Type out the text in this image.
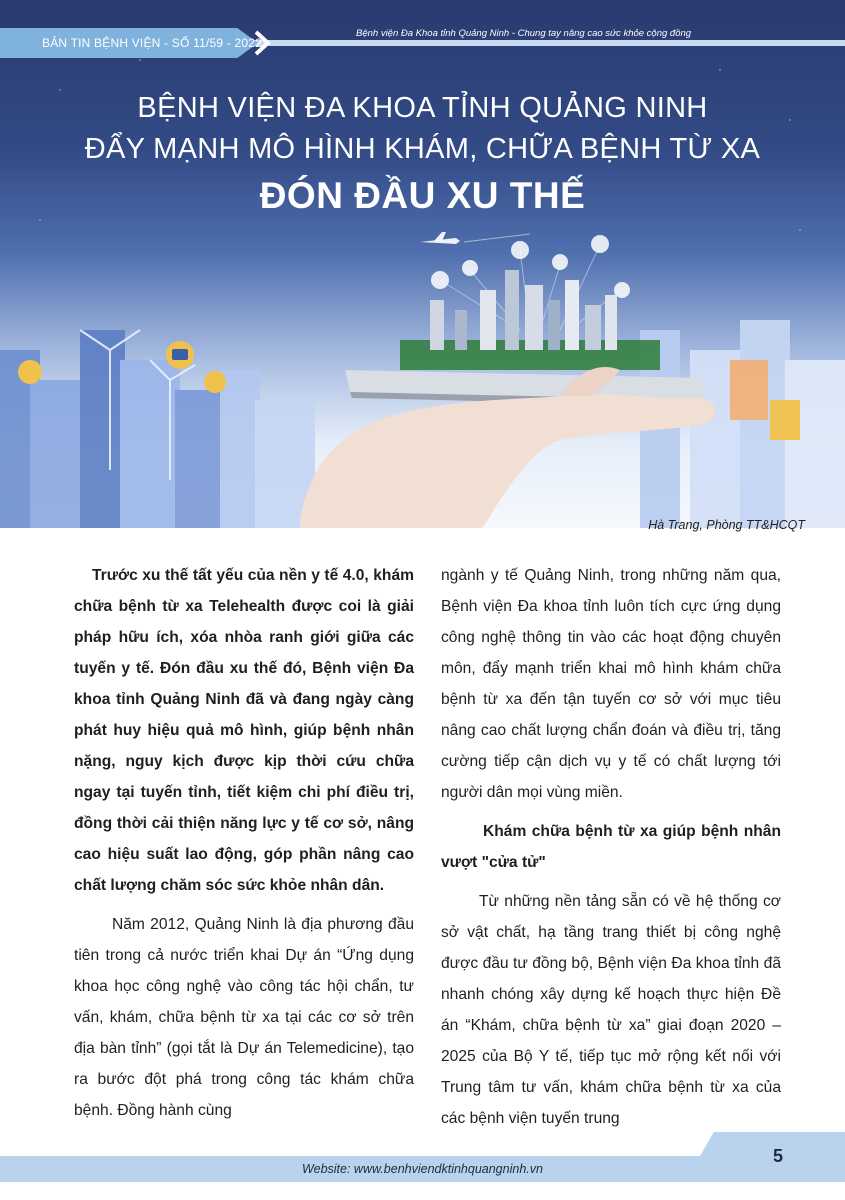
BẢN TIN BỆNH VIỆN - SỐ 11/59 - 2022
Bệnh viện Đa Khoa tỉnh Quảng Ninh - Chung tay nâng cao sức khỏe cộng đồng
BỆNH VIỆN ĐA KHOA TỈNH QUẢNG NINH
ĐẨY MẠNH MÔ HÌNH KHÁM, CHỮA BỆNH TỪ XA
ĐÓN ĐẦU XU THẾ
Hà Trang, Phòng TT&HCQT

Trước xu thế tất yếu của nền y tế 4.0, khám chữa bệnh từ xa Telehealth được coi là giải pháp hữu ích, xóa nhòa ranh giới giữa các tuyến y tế. Đón đầu xu thế đó, Bệnh viện Đa khoa tỉnh Quảng Ninh đã và đang ngày càng phát huy hiệu quả mô hình, giúp bệnh nhân nặng, nguy kịch được kịp thời cứu chữa ngay tại tuyến tỉnh, tiết kiệm chi phí điều trị, đồng thời cải thiện năng lực y tế cơ sở, nâng cao hiệu suất lao động, góp phần nâng cao chất lượng chăm sóc sức khỏe nhân dân.

Năm 2012, Quảng Ninh là địa phương đầu tiên trong cả nước triển khai Dự án “Ứng dụng khoa học công nghệ vào công tác hội chẩn, tư vấn, khám, chữa bệnh từ xa tại các cơ sở trên địa bàn tỉnh” (gọi tắt là Dự án Telemedicine), tạo ra bước đột phá trong công tác khám chữa bệnh. Đồng hành cùng

ngành y tế Quảng Ninh, trong những năm qua, Bệnh viện Đa khoa tỉnh luôn tích cực ứng dụng công nghệ thông tin vào các hoạt động chuyên môn, đẩy mạnh triển khai mô hình khám chữa bệnh từ xa đến tận tuyến cơ sở với mục tiêu nâng cao chất lượng chẩn đoán và điều trị, tăng cường tiếp cận dịch vụ y tế có chất lượng tới người dân mọi vùng miền.

Khám chữa bệnh từ xa giúp bệnh nhân vượt "cửa tử"

Từ những nền tảng sẵn có về hệ thống cơ sở vật chất, hạ tầng trang thiết bị công nghệ được đầu tư đồng bộ, Bệnh viện Đa khoa tỉnh đã nhanh chóng xây dựng kế hoạch thực hiện Đề án “Khám, chữa bệnh từ xa” giai đoạn 2020 – 2025 của Bộ Y tế, tiếp tục mở rộng kết nối với Trung tâm tư vấn, khám chữa bệnh từ xa của các bệnh viện tuyến trung

Website: www.benhviendktinhquangninh.vn
5
